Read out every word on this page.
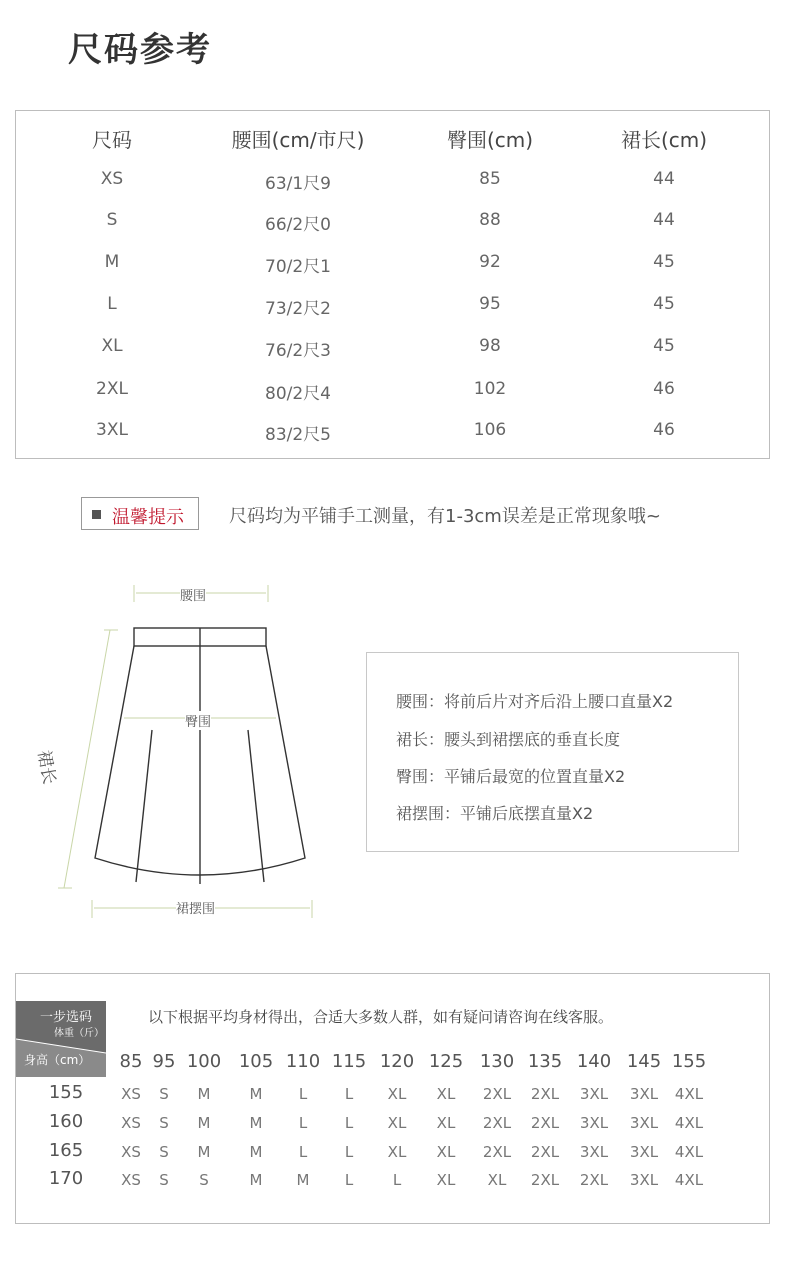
尺码参考
尺码	腰围(cm/市尺)	臀围(cm)	裙长(cm)
XS	63/1尺9	85	44
S	66/2尺0	88	44
M	70/2尺1	92	45
L	73/2尺2	95	45
XL	76/2尺3	98	45
2XL	80/2尺4	102	46
3XL	83/2尺5	106	46
温馨提示	尺码均为平铺手工测量，有1-3cm误差是正常现象哦~
腰围
臀围
裙摆围
裙长
腰围：将前后片对齐后沿上腰口直量X2
裙长：腰头到裙摆底的垂直长度
臀围：平铺后最宽的位置直量X2
裙摆围：平铺后底摆直量X2
一步选码
体重（斤）
身高（cm）
以下根据平均身材得出，合适大多数人群，如有疑问请咨询在线客服。
85 95 100 105 110 115 120 125 130 135 140 145 155
155	XS S M	M L	L XL XL 2XL 2XL 3XL 3XL 4XL
160	XS S M	M L	L XL XL 2XL 2XL 3XL 3XL 4XL
165	XS S M	M L	L XL XL 2XL 2XL 3XL 3XL 4XL
170	XS S S	M M L	L XL XL 2XL 2XL 3XL 4XL
